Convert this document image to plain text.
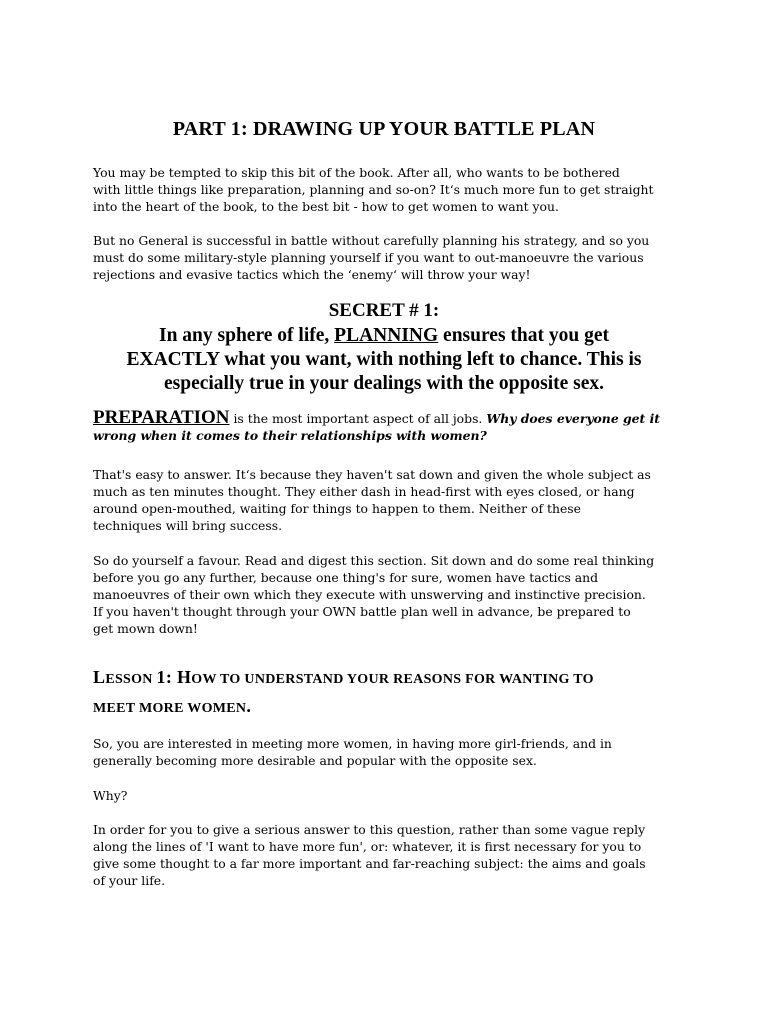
PART 1: DRAWING UP YOUR BATTLE PLAN

You may be tempted to skip this bit of the book. After all, who wants to be bothered
with little things like preparation, planning and so-on? It‘s much more fun to get straight
into the heart of the book, to the best bit - how to get women to want you.

But no General is successful in battle without carefully planning his strategy, and so you
must do some military-style planning yourself if you want to out-manoeuvre the various
rejections and evasive tactics which the ‘enemy‘ will throw your way!

SECRET # 1:
In any sphere of life, PLANNING ensures that you get
EXACTLY what you want, with nothing left to chance. This is
especially true in your dealings with the opposite sex.

PREPARATION is the most important aspect of all jobs. Why does everyone get it
wrong when it comes to their relationships with women?

That's easy to answer. It‘s because they haven't sat down and given the whole subject as
much as ten minutes thought. They either dash in head-first with eyes closed, or hang
around open-mouthed, waiting for things to happen to them. Neither of these
techniques will bring success.

So do yourself a favour. Read and digest this section. Sit down and do some real thinking
before you go any further, because one thing's for sure, women have tactics and
manoeuvres of their own which they execute with unswerving and instinctive precision.
If you haven't thought through your OWN battle plan well in advance, be prepared to
get mown down!

LESSON 1: HOW TO UNDERSTAND YOUR REASONS FOR WANTING TO
MEET MORE WOMEN.

So, you are interested in meeting more women, in having more girl-friends, and in
generally becoming more desirable and popular with the opposite sex.

Why?

In order for you to give a serious answer to this question, rather than some vague reply
along the lines of 'I want to have more fun', or: whatever, it is first necessary for you to
give some thought to a far more important and far-reaching subject: the aims and goals
of your life.
